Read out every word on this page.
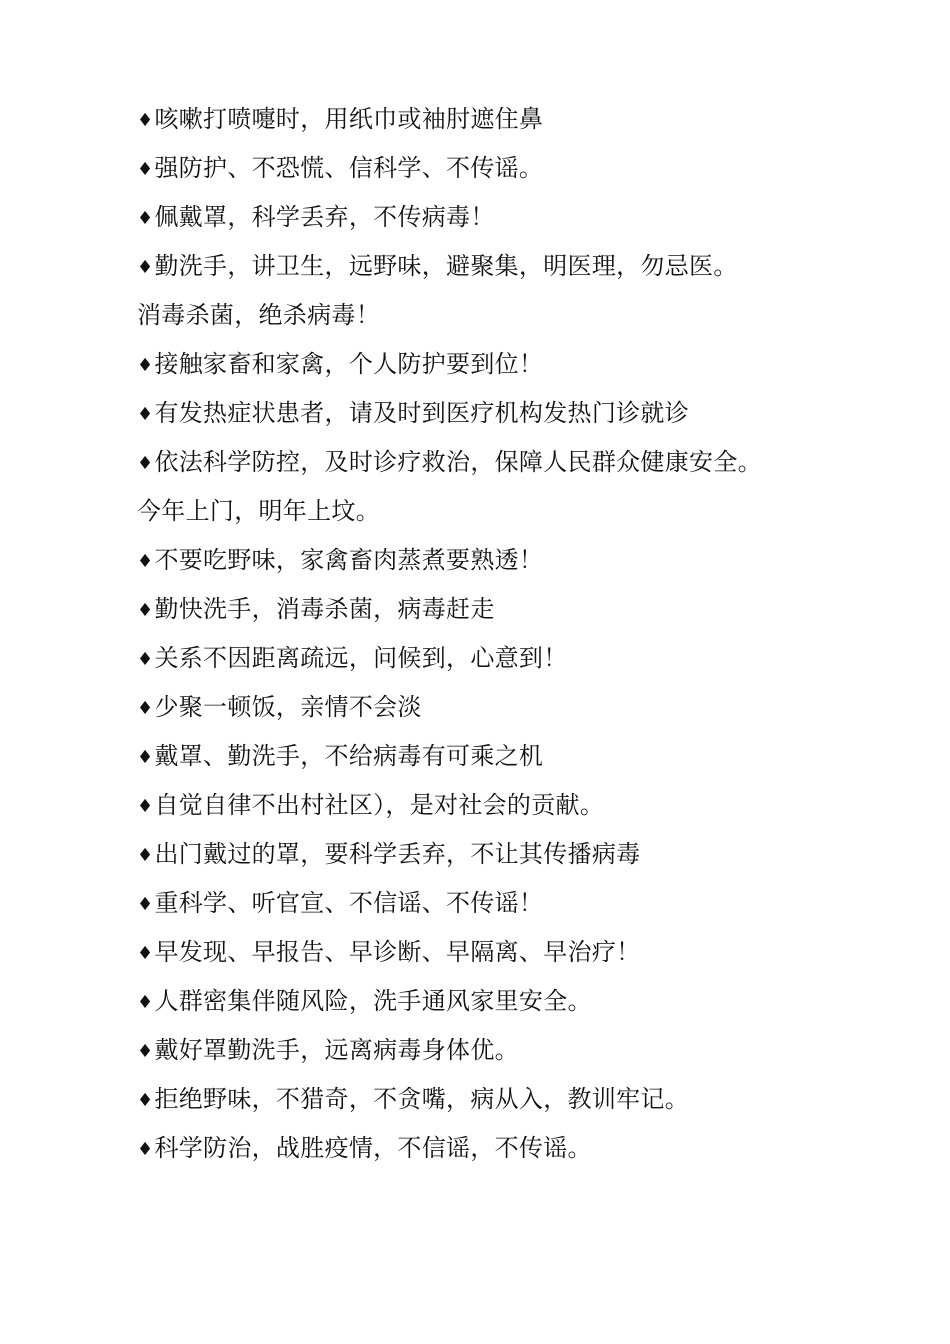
♦咳嗽打喷嚏时，用纸巾或袖肘遮住鼻
♦强防护、不恐慌、信科学、不传谣。
♦佩戴罩，科学丢弃，不传病毒！
♦勤洗手，讲卫生，远野味，避聚集，明医理，勿忌医。
消毒杀菌，绝杀病毒！
♦接触家畜和家禽，个人防护要到位！
♦有发热症状患者，请及时到医疗机构发热门诊就诊
♦依法科学防控，及时诊疗救治，保障人民群众健康安全。
今年上门，明年上坟。
♦不要吃野味，家禽畜肉蒸煮要熟透！
♦勤快洗手，消毒杀菌，病毒赶走
♦关系不因距离疏远，问候到，心意到！
♦少聚一顿饭，亲情不会淡
♦戴罩、勤洗手，不给病毒有可乘之机
♦自觉自律不出村社区），是对社会的贡献。
♦出门戴过的罩，要科学丢弃，不让其传播病毒
♦重科学、听官宣、不信谣、不传谣！
♦早发现、早报告、早诊断、早隔离、早治疗！
♦人群密集伴随风险，洗手通风家里安全。
♦戴好罩勤洗手，远离病毒身体优。
♦拒绝野味，不猎奇，不贪嘴，病从入，教训牢记。
♦科学防治，战胜疫情，不信谣，不传谣。
